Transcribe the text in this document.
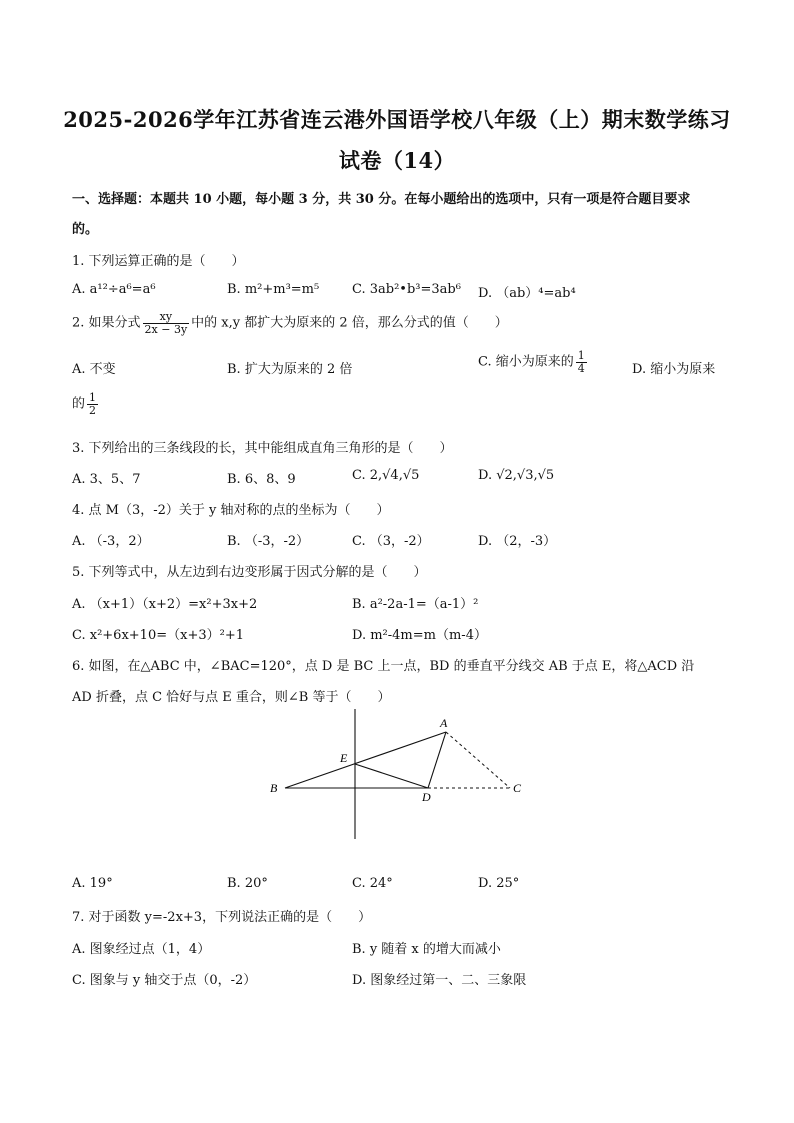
2025-2026学年江苏省连云港外国语学校八年级（上）期末数学练习
试卷（14）
一、选择题：本题共 10 小题，每小题 3 分，共 30 分。在每小题给出的选项中，只有一项是符合题目要求
的。
1. 下列运算正确的是（　　）
A. a¹²÷a⁶=a⁶	B. m²+m³=m⁵	C. 3ab²•b³=3ab⁶ D. （ab）⁴=ab⁴
2. 如果分式 $\frac{xy}{2x - 3y}$ 中的 x,y 都扩大为原来的 2 倍，那么分式的值（　　）
A. 不变	B. 扩大为原来的 2 倍	C. 缩小为原来的 $\frac{1}{4}$	D. 缩小为原来
的 $\frac{1}{2}$
3. 下列给出的三条线段的长，其中能组成直角三角形的是（　　）
A. 3、5、7	B. 6、8、9	C. 2,√4,√5	D. √2,√3,√5
4. 点 M（3，-2）关于 y 轴对称的点的坐标为（　　）
A. （-3，2）	B. （-3，-2）	C. （3，-2）	D. （2，-3）
5. 下列等式中，从左边到右边变形属于因式分解的是（　　）
A. （x+1）（x+2）=x²+3x+2	B. a²-2a-1=（a-1）²
C. x²+6x+10=（x+3）²+1	D. m²-4m=m（m-4）
6. 如图，在△ABC 中，∠BAC=120°，点 D 是 BC 上一点，BD 的垂直平分线交 AB 于点 E，将△ACD 沿
AD 折叠，点 C 恰好与点 E 重合，则∠B 等于（　　）
B
E
A
D
C
A. 19°	B. 20°	C. 24°	D. 25°
7. 对于函数 y=-2x+3，下列说法正确的是（　　）
A. 图象经过点（1，4）	B. y 随着 x 的增大而减小
C. 图象与 y 轴交于点（0，-2）	D. 图象经过第一、二、三象限
